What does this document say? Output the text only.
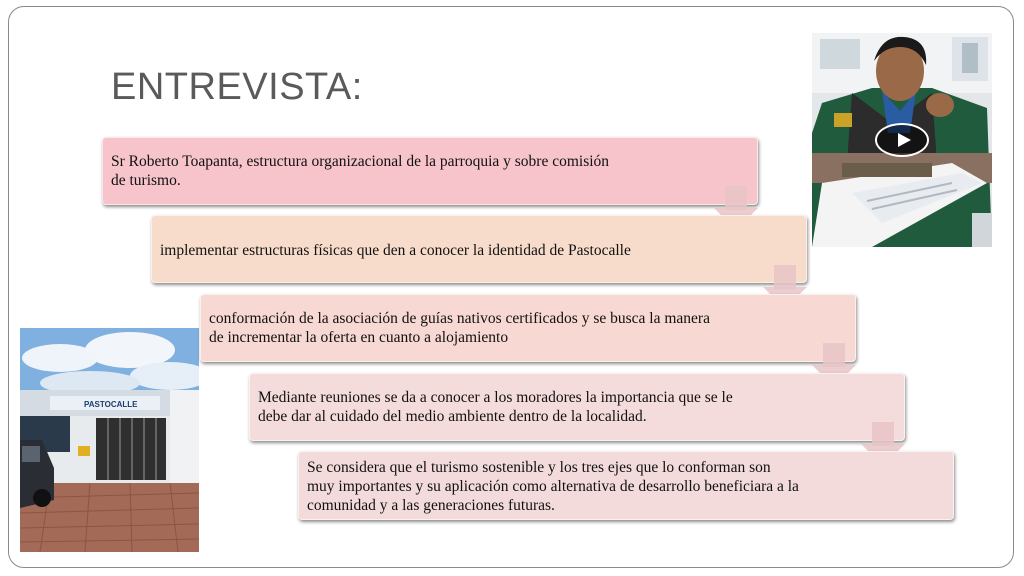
ENTREVISTA:
PASTOCALLE
Sr Roberto Toapanta, estructura organizacional de la parroquia y sobre comisión
de turismo.
implementar estructuras físicas que den a conocer la identidad de Pastocalle
conformación de la asociación de guías nativos certificados y se busca la manera
de incrementar la oferta en cuanto a alojamiento
Mediante reuniones se da a conocer a los moradores la importancia que se le
debe dar al cuidado del medio ambiente dentro de la localidad.
Se considera que el turismo sostenible y los tres ejes que lo conforman son
muy importantes y su aplicación como alternativa de desarrollo beneficiara a la
comunidad y a las generaciones futuras.
